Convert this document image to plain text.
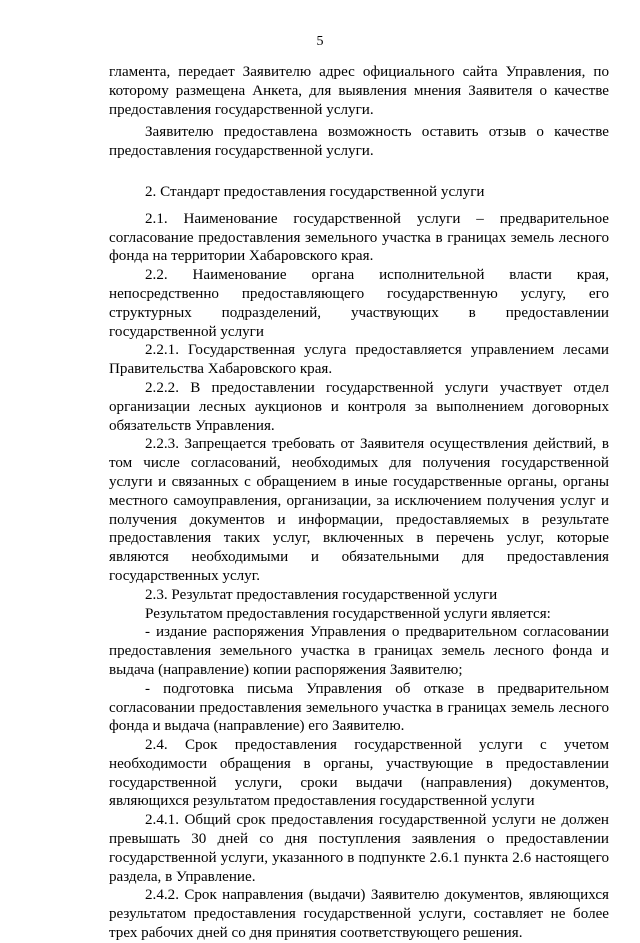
5

гламента, передает Заявителю адрес официального сайта Управления, по которому размещена Анкета, для выявления мнения Заявителя о качестве предоставления государственной услуги.

Заявителю предоставлена возможность оставить отзыв о качестве предоставления государственной услуги.

2. Стандарт предоставления государственной услуги

2.1. Наименование государственной услуги – предварительное согласование предоставления земельного участка в границах земель лесного фонда на территории Хабаровского края.

2.2. Наименование органа исполнительной власти края, непосредственно предоставляющего государственную услугу, его структурных подразделений, участвующих в предоставлении государственной услуги

2.2.1. Государственная услуга предоставляется управлением лесами Правительства Хабаровского края.

2.2.2. В предоставлении государственной услуги участвует отдел организации лесных аукционов и контроля за выполнением договорных обязательств Управления.

2.2.3. Запрещается требовать от Заявителя осуществления действий, в том числе согласований, необходимых для получения государственной услуги и связанных с обращением в иные государственные органы, органы местного самоуправления, организации, за исключением получения услуг и получения документов и информации, предоставляемых в результате предоставления таких услуг, включенных в перечень услуг, которые являются необходимыми и обязательными для предоставления государственных услуг.

2.3. Результат предоставления государственной услуги

Результатом предоставления государственной услуги является:

- издание распоряжения Управления о предварительном согласовании предоставления земельного участка в границах земель лесного фонда и выдача (направление) копии распоряжения Заявителю;

- подготовка письма Управления об отказе в предварительном согласовании предоставления земельного участка в границах земель лесного фонда и выдача (направление) его Заявителю.

2.4. Срок предоставления государственной услуги с учетом необходимости обращения в органы, участвующие в предоставлении государственной услуги, сроки выдачи (направления) документов, являющихся результатом предоставления государственной услуги

2.4.1. Общий срок предоставления государственной услуги не должен превышать 30 дней со дня поступления заявления о предоставлении государственной услуги, указанного в подпункте 2.6.1 пункта 2.6 настоящего раздела, в Управление.

2.4.2. Срок направления (выдачи) Заявителю документов, являющихся результатом предоставления государственной услуги, составляет не более трех рабочих дней со дня принятия соответствующего решения.
